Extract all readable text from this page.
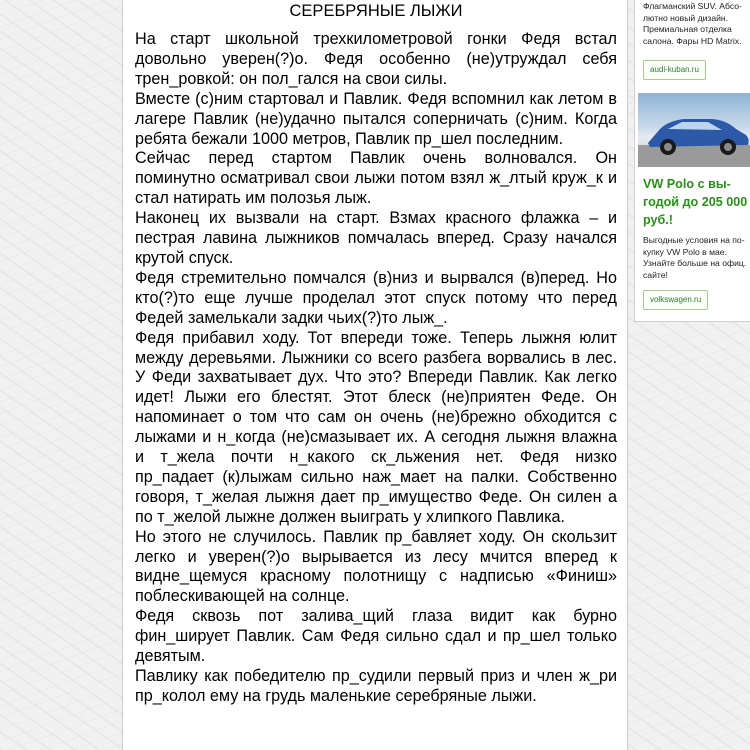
СЕРЕБРЯНЫЕ ЛЫЖИ

На старт школьной трехкилометровой гонки Федя встал довольно уверен(?)о. Федя особенно (не)утруждал себя трен_ровкой: он пол_гался на свои силы.

Вместе (с)ним стартовал и Павлик. Федя вспомнил как летом в лагере Павлик (не)удачно пытался соперничать (с)ним. Когда ребята бежали 1000 метров, Павлик пр_шел последним.

Сейчас перед стартом Павлик очень волновался. Он поминутно осматривал свои лыжи потом взял ж_лтый круж_к и стал натирать им полозья лыж.

Наконец их вызвали на старт. Взмах красного флажка – и пестрая лавина лыжников помчалась вперед. Сразу начался крутой спуск.

Федя стремительно помчался (в)низ и вырвался (в)перед. Но кто(?)то еще лучше проделал этот спуск потому что перед Федей замелькали задки чьих(?)то лыж_.

Федя прибавил ходу. Тот впереди тоже. Теперь лыжня юлит между деревьями. Лыжники со всего разбега ворвались в лес. У Феди захватывает дух. Что это? Впереди Павлик. Как легко идет! Лыжи его блестят. Этот блеск (не)приятен Феде. Он напоминает о том что сам он очень (не)брежно обходится с лыжами и н_когда (не)смазывает их. А сегодня лыжня влажна и т_жела почти н_какого ск_льжения нет. Федя низко пр_падает (к)лыжам сильно наж_мает на палки. Собственно говоря, т_желая лыжня дает пр_имущество Феде. Он силен а по т_желой лыжне должен выиграть у хлипкого Павлика.

Но этого не случилось. Павлик пр_бавляет ходу. Он скользит легко и уверен(?)о вырывается из лесу мчится вперед к видне_щемуся красному полотнищу с надписью «Финиш» поблескивающей на солнце.

Федя сквозь пот залива_щий глаза видит как бурно фин_ширует Павлик. Сам Федя сильно сдал и пр_шел только девятым.

Павлику как победителю пр_судили первый приз и член ж_ри пр_колол ему на грудь маленькие серебряные лыжи.

Флагманский SUV. Абсо-лютно новый дизайн. Премиальная отделка салона. Фары HD Matrix.
audi-kuban.ru
VW Polo с вы-годой до 205 000 руб.!
Выгодные условия на по-купку VW Polo в мае. Узнайте больше на офиц. сайте!
volkswagen.ru
